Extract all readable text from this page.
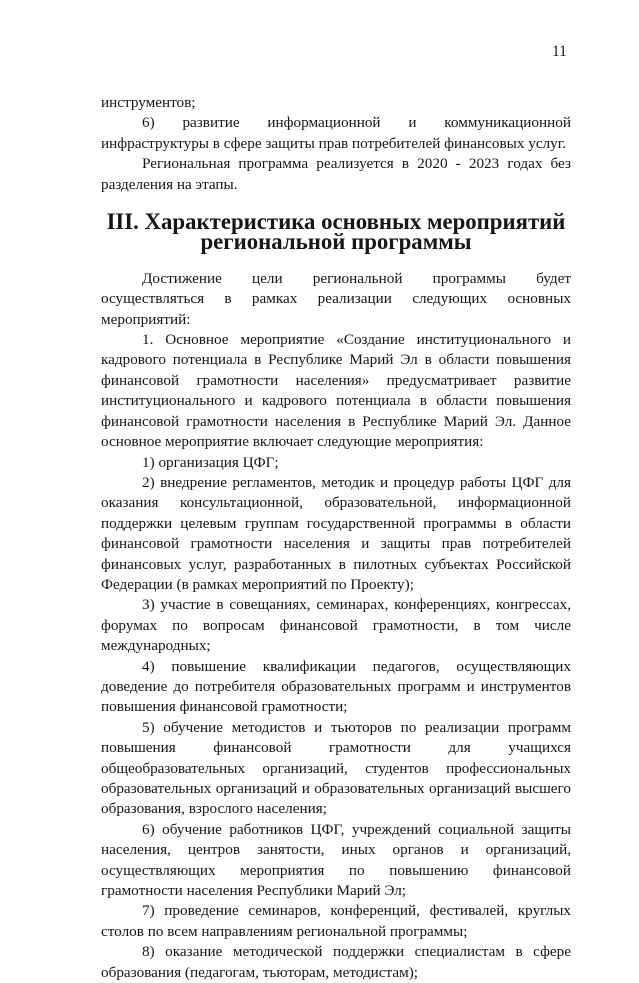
11

инструментов;

6) развитие информационной и коммуникационной инфраструктуры в сфере защиты прав потребителей финансовых услуг.

Региональная программа реализуется в 2020 - 2023 годах без разделения на этапы.

III. Характеристика основных мероприятий региональной программы

Достижение цели региональной программы будет осуществляться в рамках реализации следующих основных мероприятий:

1. Основное мероприятие «Создание институционального и кадрового потенциала в Республике Марий Эл в области повышения финансовой грамотности населения» предусматривает развитие институционального и кадрового потенциала в области повышения финансовой грамотности населения в Республике Марий Эл. Данное основное мероприятие включает следующие мероприятия:

1) организация ЦФГ;

2) внедрение регламентов, методик и процедур работы ЦФГ для оказания консультационной, образовательной, информационной поддержки целевым группам государственной программы в области финансовой грамотности населения и защиты прав потребителей финансовых услуг, разработанных в пилотных субъектах Российской Федерации (в рамках мероприятий по Проекту);

3) участие в совещаниях, семинарах, конференциях, конгрессах, форумах по вопросам финансовой грамотности, в том числе международных;

4) повышение квалификации педагогов, осуществляющих доведение до потребителя образовательных программ и инструментов повышения финансовой грамотности;

5) обучение методистов и тьюторов по реализации программ повышения финансовой грамотности для учащихся общеобразовательных организаций, студентов профессиональных образовательных организаций и образовательных организаций высшего образования, взрослого населения;

6) обучение работников ЦФГ, учреждений социальной защиты населения, центров занятости, иных органов и организаций, осуществляющих мероприятия по повышению финансовой грамотности населения Республики Марий Эл;

7) проведение семинаров, конференций, фестивалей, круглых столов по всем направлениям региональной программы;

8) оказание методической поддержки специалистам в сфере образования (педагогам, тьюторам, методистам);
